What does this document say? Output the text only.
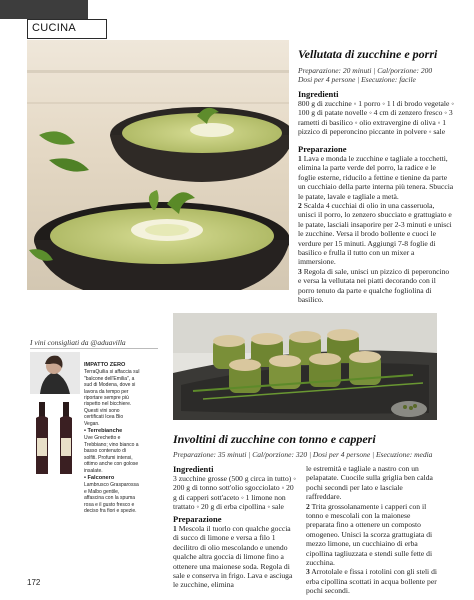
CUCINA
Vellutata di zucchine e porri
Preparazione: 20 minuti | Cal/porzione: 200
Dosi per 4 persone | Esecuzione: facile
Ingredienti
800 g di zucchine ◦ 1 porro ◦ 1 l di brodo vegetale ◦ 100 g di patate novelle ◦ 4 cm di zenzero fresco ◦ 3 rametti di basilico ◦ olio extravergine di oliva ◦ 1 pizzico di peperoncino piccante in polvere ◦ sale
Preparazione
1 Lava e monda le zucchine e tagliale a tocchetti, elimina la parte verde del porro, la radice e le foglie esterne, riducilo a fettine e tienine da parte un cucchiaio della parte interna più tenera. Sbuccia le patate, lavale e tagliale a metà.
2 Scalda 4 cucchiai di olio in una casseruola, unisci il porro, lo zenzero sbucciato e grattugiato e le patate, lasciali insaporire per 2-3 minuti e unisci le zucchine. Versa il brodo bollente e cuoci le verdure per 15 minuti. Aggiungi 7-8 foglie di basilico e frulla il tutto con un mixer a immersione.
3 Regola di sale, unisci un pizzico di peperoncino e versa la vellutata nei piatti decorando con il porro tenuto da parte e qualche fogliolina di basilico.
Involtini di zucchine con tonno e capperi
Preparazione: 35 minuti | Cal/porzione: 320 | Dosi per 4 persone | Esecuzione: media
Ingredienti
3 zucchine grosse (500 g circa in tutto) ◦ 200 g di tonno sott'olio sgocciolato ◦ 20 g di capperi sott'aceto ◦ 1 limone non trattato ◦ 20 g di erba cipollina ◦ sale
Preparazione
1 Mescola il tuorlo con qualche goccia di succo di limone e versa a filo 1 decilitro di olio mescolando e unendo qualche altra goccia di limone fino a ottenere una maionese soda. Regola di sale e conserva in frigo. Lava e asciuga le zucchine, elimina
le estremità e tagliale a nastro con un pelapatate. Cuocile sulla griglia ben calda pochi secondi per lato e lasciale raffreddare.
2 Trita grossolanamente i capperi con il tonno e mescolali con la maionese preparata fino a ottenere un composto omogeneo. Unisci la scorza grattugiata di mezzo limone, un cucchiaino di erba cipollina tagliuzzata e stendi sulle fette di zucchina.
3 Arrotolale e fissa i rotolini con gli steli di erba cipollina scottati in acqua bollente per pochi secondi.
I vini consigliati da @aduavilla

IMPATTO ZERO

TerraQuilia si affaccia sul "balcone dell'Emilia", a sud di Modena, dove si lavora da tempo per riportare sempre più rispetto nel bicchiere. Questi vini sono certificati Icea Bio Vegan.

• Terrebianche

Uve Grechetto e Trebbiano; vino bianco a basso contenuto di solfiti. Profumi intensi, ottimo anche con golose insalate.

• Falconero

Lambrusco Grasparossa e Malbo gentile, affascina con la spuma rosa e il gusto fresco e deciso fra fiori e spezie.

172
